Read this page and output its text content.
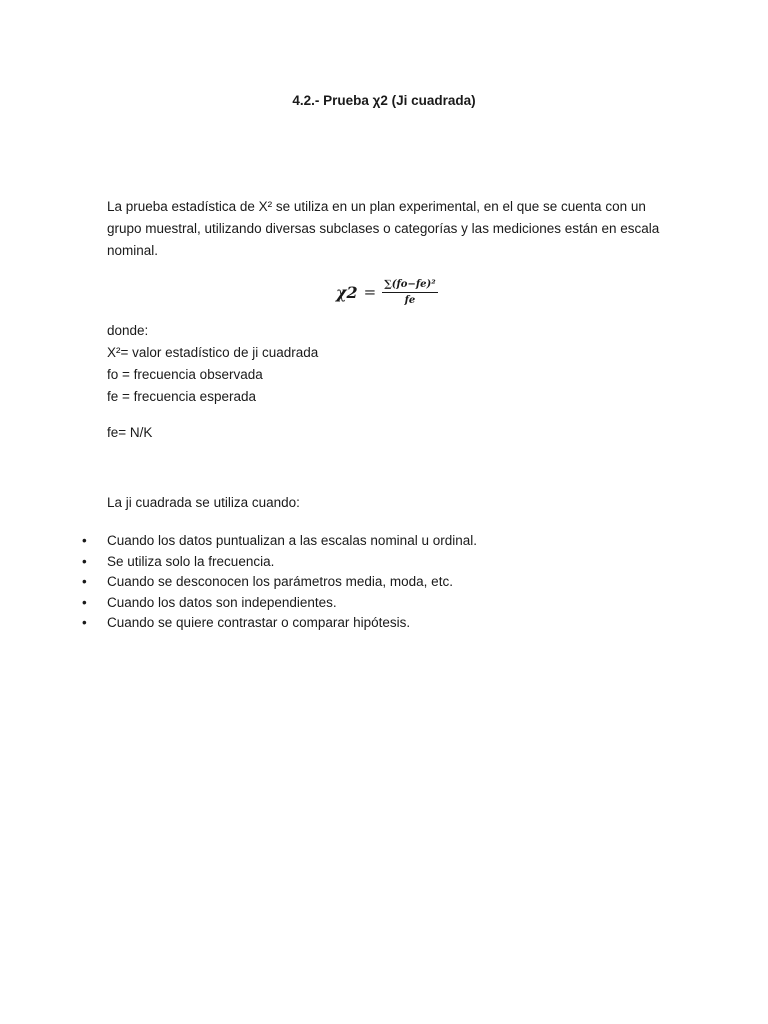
4.2.- Prueba χ2 (Ji cuadrada)
La prueba estadística de X² se utiliza en un plan experimental, en el que se cuenta con un
grupo muestral, utilizando diversas subclases o categorías y las mediciones están en escala
nominal.
$\chi 2 = \frac{\text{∑(fo−fe)²}}{fe}$
donde:
X²= valor estadístico de ji cuadrada
fo = frecuencia observada
fe = frecuencia esperada
fe= N/K
La ji cuadrada se utiliza cuando:
• Cuando los datos puntualizan a las escalas nominal u ordinal.
• Se utiliza solo la frecuencia.
• Cuando se desconocen los parámetros media, moda, etc.
• Cuando los datos son independientes.
• Cuando se quiere contrastar o comparar hipótesis.
